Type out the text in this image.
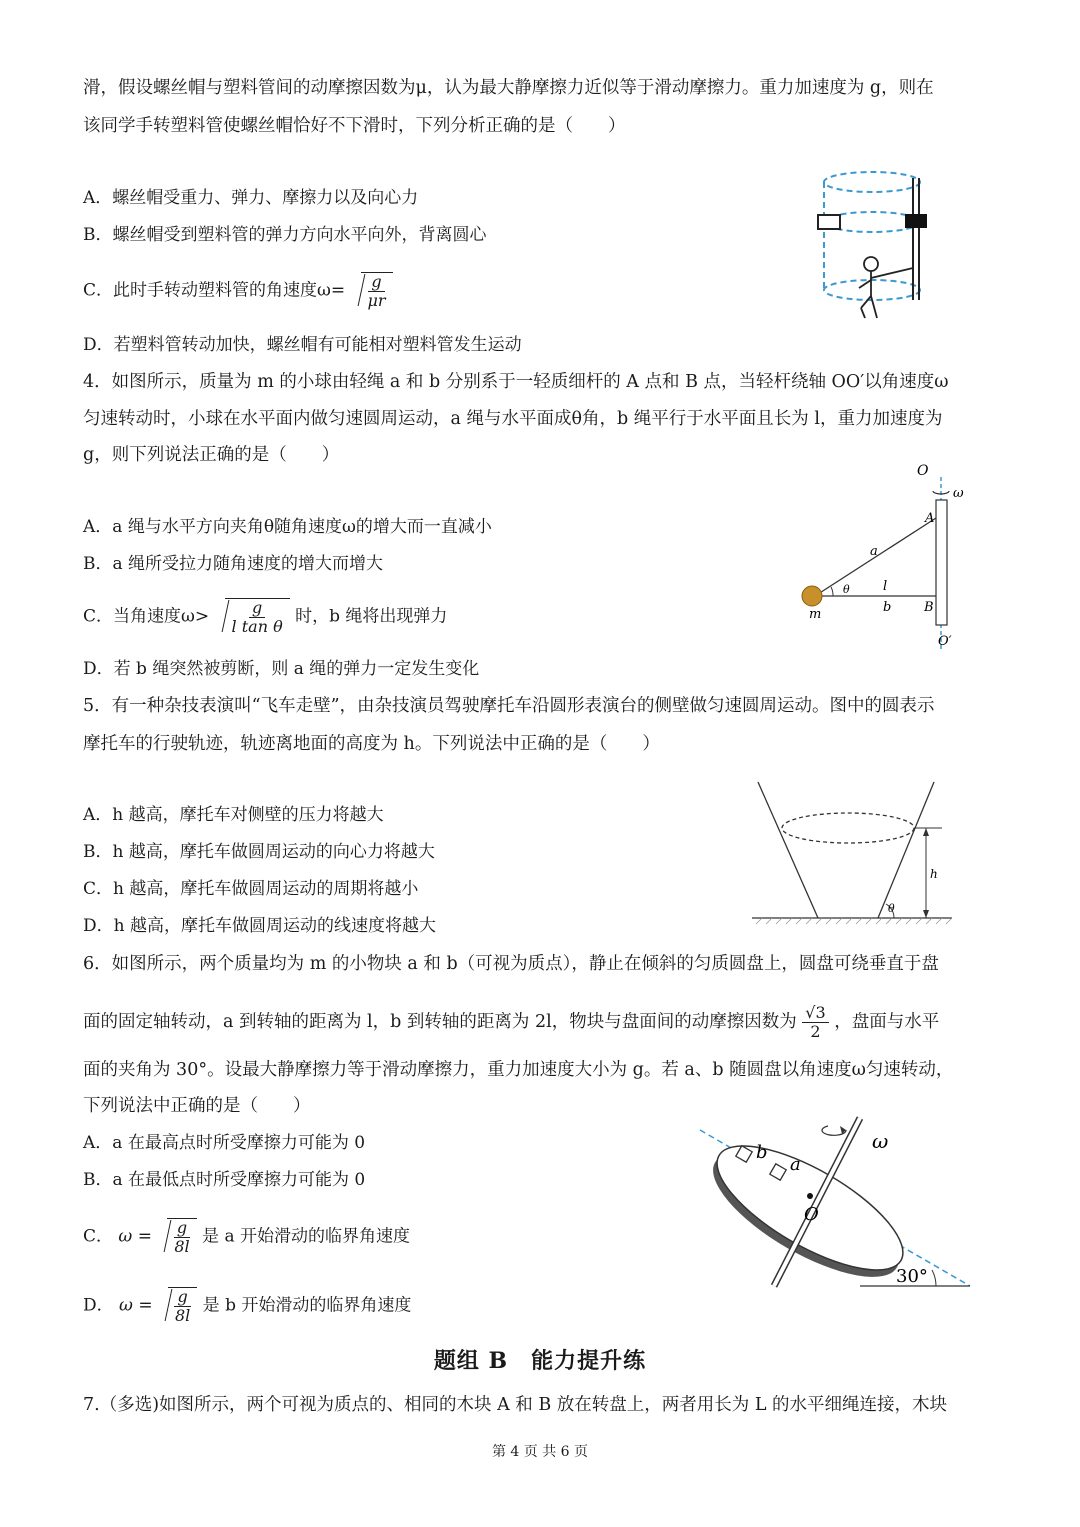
滑，假设螺丝帽与塑料管间的动摩擦因数为μ，认为最大静摩擦力近似等于滑动摩擦力。重力加速度为 g，则在
该同学手转塑料管使螺丝帽恰好不下滑时，下列分析正确的是（　　）
A．螺丝帽受重力、弹力、摩擦力以及向心力
B．螺丝帽受到塑料管的弹力方向水平向外，背离圆心
C．此时手转动塑料管的角速度$\omega= \frac{g}{\mu r}$
D．若塑料管转动加快，螺丝帽有可能相对塑料管发生运动
4．如图所示，质量为 m 的小球由轻绳 a 和 b 分别系于一轻质细杆的 A 点和 B 点，当轻杆绕轴 OO′以角速度ω
匀速转动时，小球在水平面内做匀速圆周运动，a 绳与水平面成θ角，b 绳平行于水平面且长为 l，重力加速度为
g，则下列说法正确的是（　　）
A．a 绳与水平方向夹角θ随角速度ω的增大而一直减小
B．a 绳所受拉力随角速度的增大而增大
C．当角速度$\omega> \frac{g}{\text{l tan θ}}$ 时，b 绳将出现弹力
D．若 b 绳突然被剪断，则 a 绳的弹力一定发生变化
O
ω
A
a
θ	l
b	B
m
O′
5．有一种杂技表演叫“飞车走壁”，由杂技演员驾驶摩托车沿圆形表演台的侧壁做匀速圆周运动。图中的圆表示
摩托车的行驶轨迹，轨迹离地面的高度为 h。下列说法中正确的是（　　）
A．h 越高，摩托车对侧壁的压力将越大
B．h 越高，摩托车做圆周运动的向心力将越大
C．h 越高，摩托车做圆周运动的周期将越小
D．h 越高，摩托车做圆周运动的线速度将越大
h
θ
6．如图所示，两个质量均为 m 的小物块 a 和 b（可视为质点），静止在倾斜的匀质圆盘上，圆盘可绕垂直于盘
面的固定轴转动，a 到转轴的距离为 l，b 到转轴的距离为 2l，物块与盘面间的动摩擦因数为 $\frac{√3}{2}$ ，盘面与水平
面的夹角为 30°。设最大静摩擦力等于滑动摩擦力，重力加速度大小为 g。若 a、b 随圆盘以角速度ω匀速转动，
下列说法中正确的是（　　）
A．a 在最高点时所受摩擦力可能为 0
B．a 在最低点时所受摩擦力可能为 0
C． $\omega = \frac{g}{8l}$ 是 a 开始滑动的临界角速度
D． $\omega = \frac{g}{8l}$ 是 b 开始滑动的临界角速度
ω
b
a
O
30°
题组 B　能力提升练
7.（多选)如图所示，两个可视为质点的、相同的木块 A 和 B 放在转盘上，两者用长为 L 的水平细绳连接，木块
第 4 页 共 6 页
